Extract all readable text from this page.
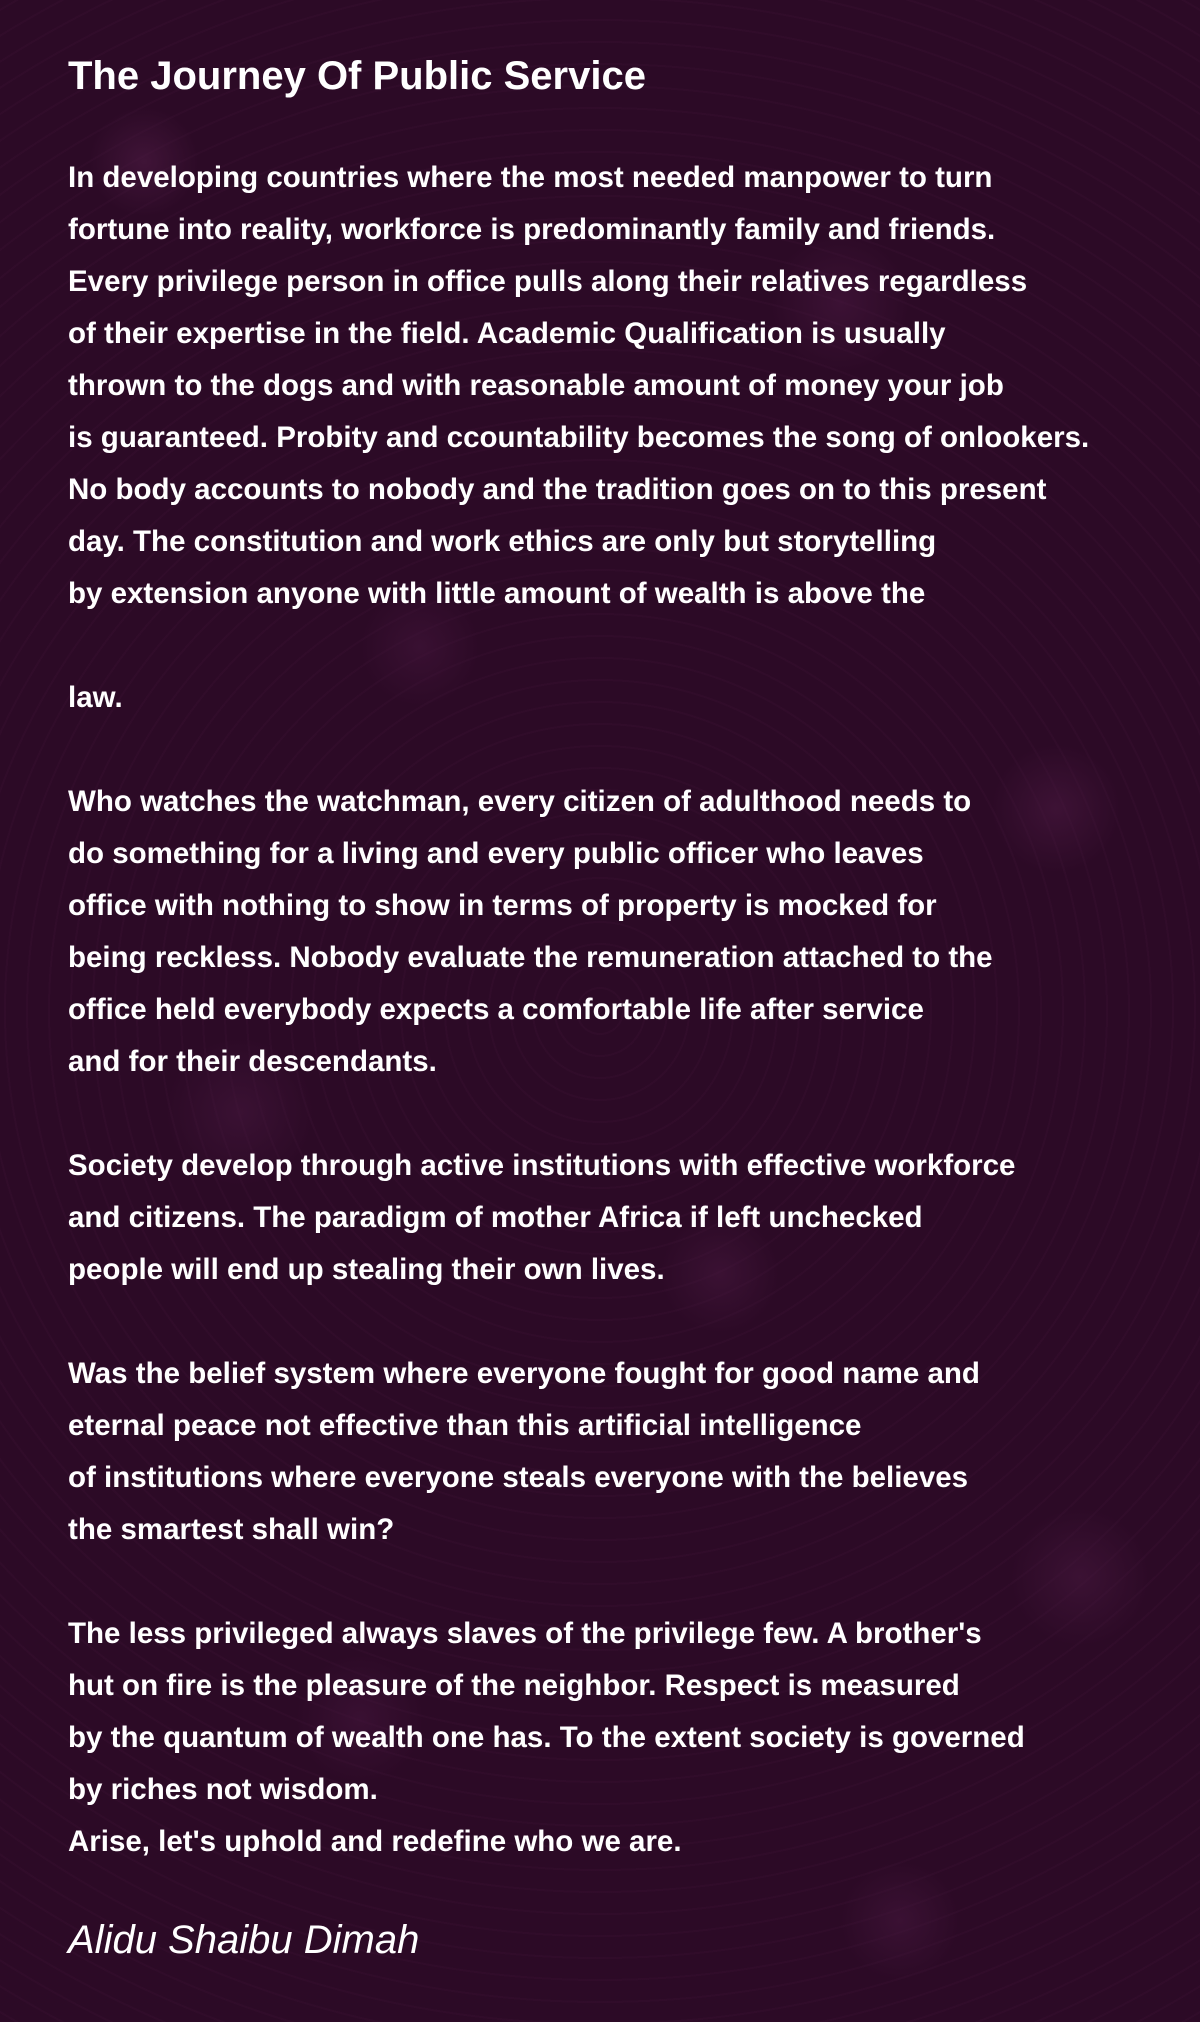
The Journey Of Public Service
In developing countries where the most needed manpower to turn
fortune into reality, workforce is predominantly family and friends.
Every privilege person in office pulls along their relatives regardless
of their expertise in the field. Academic Qualification is usually
thrown to the dogs and with reasonable amount of money your job
is guaranteed. Probity and ccountability becomes the song of onlookers.
No body accounts to nobody and the tradition goes on to this present
day. The constitution and work ethics are only but storytelling
by extension anyone with little amount of wealth is above the
law.
Who watches the watchman, every citizen of adulthood needs to
do something for a living and every public officer who leaves
office with nothing to show in terms of property is mocked for
being reckless. Nobody evaluate the remuneration attached to the
office held everybody expects a comfortable life after service
and for their descendants.
Society develop through active institutions with effective workforce
and citizens. The paradigm of mother Africa if left unchecked
people will end up stealing their own lives.
Was the belief system where everyone fought for good name and
eternal peace not effective than this artificial intelligence
of institutions where everyone steals everyone with the believes
the smartest shall win?
The less privileged always slaves of the privilege few. A brother's
hut on fire is the pleasure of the neighbor. Respect is measured
by the quantum of wealth one has. To the extent society is governed
by riches not wisdom.
Arise, let's uphold and redefine who we are.
Alidu Shaibu Dimah
